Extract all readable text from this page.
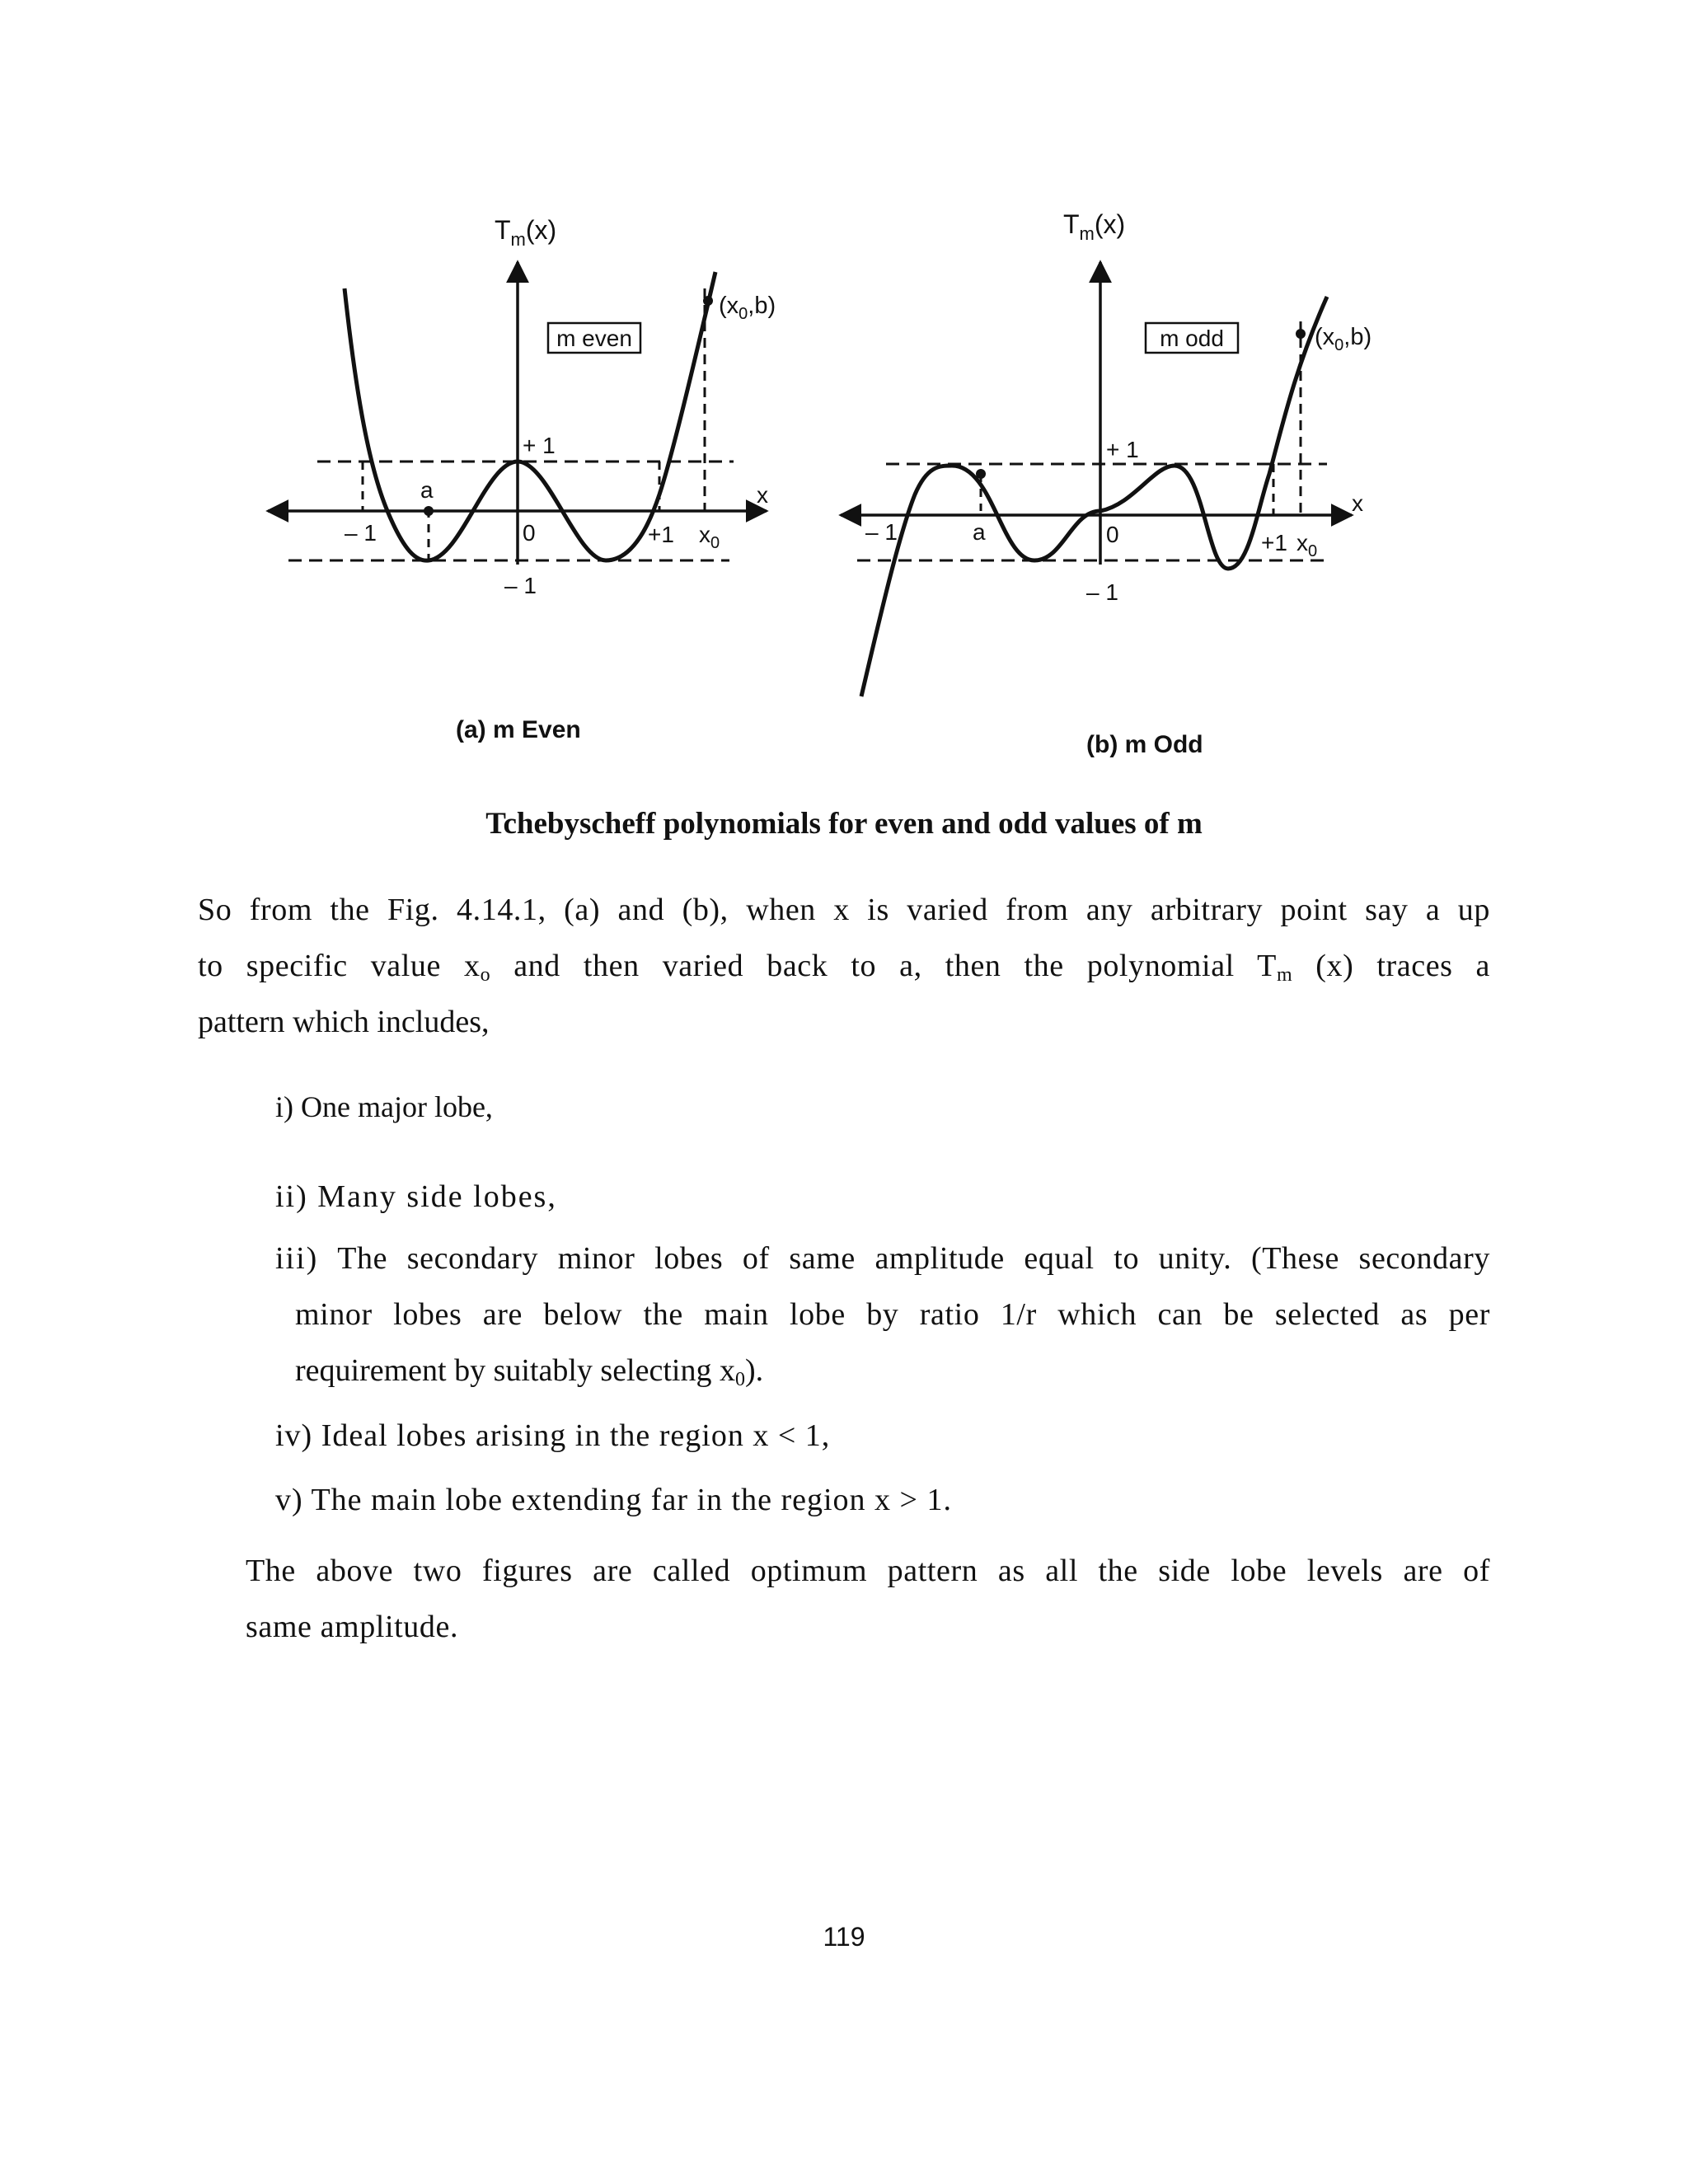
m even
$T_m(x)$
x
$(x_0,b)$
+ 1
– 1
– 1	0
a
+1 $x_0$
(a) m Even
m odd
$T_m(x)$
x
$(x_0,b)$
+ 1
– 1
– 1	a	0	+1 $x_0$
(b) m Odd
Tchebyscheff polynomials for even and odd values of m
So from the Fig. 4.14.1, (a) and (b), when x is varied from any arbitrary point say a up
to specific value $x_o$ and then varied back to a, then the polynomial $T_m$ (x) traces a
pattern which includes,
i) One major lobe,
ii) Many side lobes,
iii) The secondary minor lobes of same amplitude equal to unity. (These secondary
minor lobes are below the main lobe by ratio 1/r which can be selected as per
requirement by suitably selecting $x_0$).
iv) Ideal lobes arising in the region x < 1,
v) The main lobe extending far in the region x > 1.
The above two figures are called optimum pattern as all the side lobe levels are of
same amplitude.
119
